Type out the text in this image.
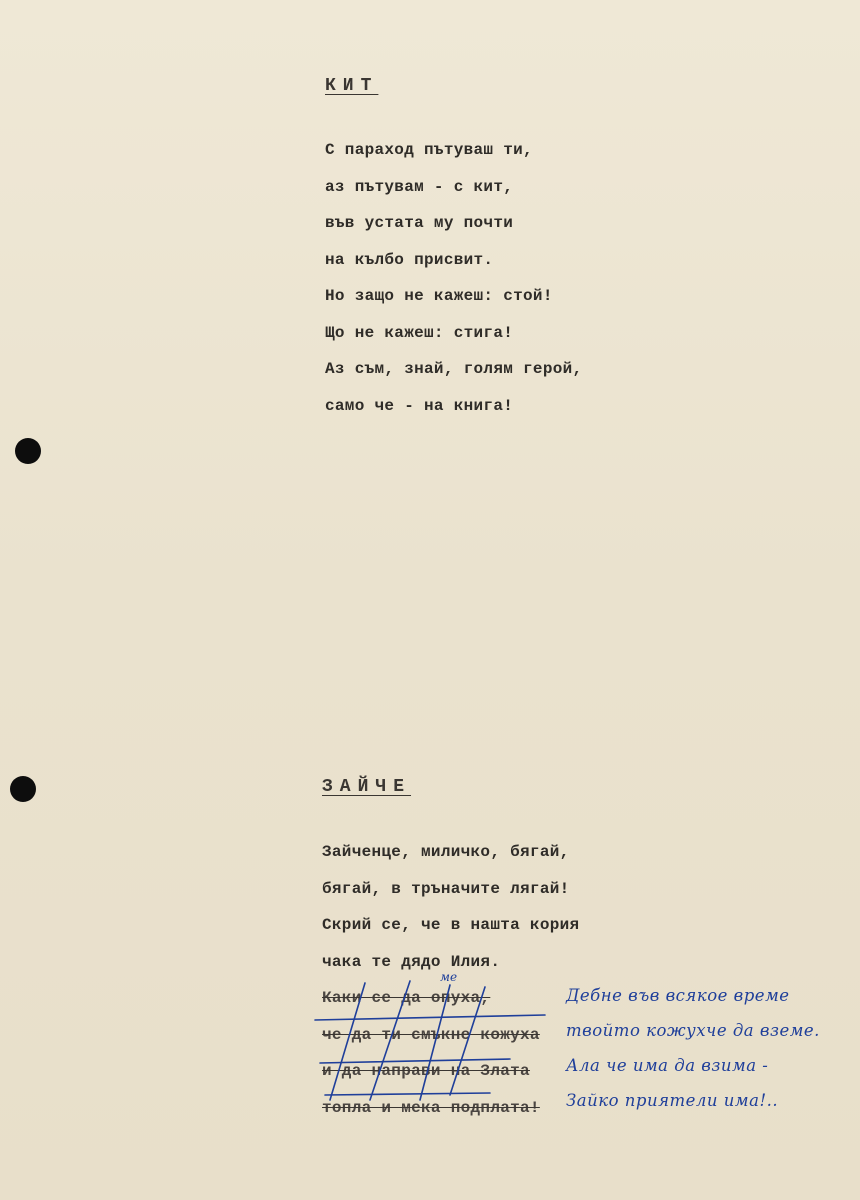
КИТ
С параход пътуваш ти,
аз пътувам - с кит,
във устата му почти
на кълбо присвит.
Но защо не кажеш: стой!
Що не кажеш: стига!
Аз съм, знай, голям герой,
само че - на книга!
ЗАЙЧЕ
Зайченце, миличко, бягай,
бягай, в тръначите лягай!
Скрий се, че в нашта кория
чака те дядо Илия.
Каки се да опуха,
че да ти смъкне кожуха
и да направи на Злата
топла и мека подплата!
ме
Дебне във всякое време
твойто кожухче да вземе.
Ала че има да взима -
Зайко приятели има!..
